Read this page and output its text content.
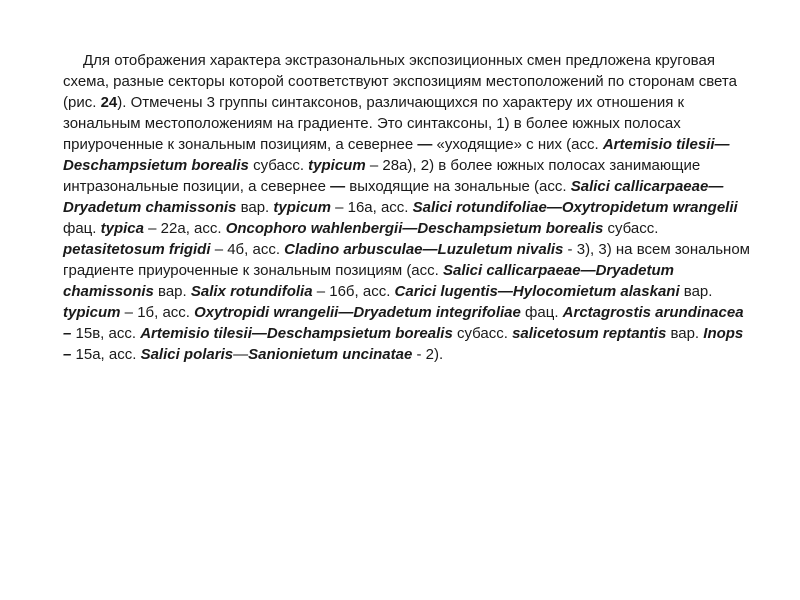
Для отображения характера экстразональных экспозиционных смен предложена круговая схема, разные секторы которой соответствуют экспозициям местоположений по сторонам света (рис. 24). Отмечены 3 группы синтаксонов, различающихся по характеру их отношения к зональным местоположениям на градиенте. Это синтаксоны, 1) в более южных полосах приуроченные к зональным позициям, а севернее — «уходящие» с них (асс. Artemisio tilesii—Deschampsietum borealis субасс. typicum – 28а), 2) в более южных полосах занимающие интразональные позиции, а севернее — выходящие на зональные (асс. Salici callicarpaeae—Dryadetum chamissonis вар. typicum – 16а, асс. Salici rotundifoliae—Oxytropidetum wrangelii фац. typica – 22а, асс. Oncophoro wahlenbergii—Deschampsietum borealis субасс. petasitetosum frigidi – 4б, асс. Cladino arbusculae—Luzuletum nivalis - 3), 3) на всем зональном градиенте приуроченные к зональным позициям (асс. Salici callicarpaeae—Dryadetum chamissonis вар. Salix rotundifolia – 16б, асс. Carici lugentis—Hylocomietum alaskani вар. typicum – 1б, асс. Oxytropidi wrangelii—Dryadetum integrifoliae фац. Arctagrostis arundinacea – 15в, асс. Artemisio tilesii—Deschampsietum borealis субасс. salicetosum reptantis вар. Inops – 15а, асс. Salici polaris—Sanionietum uncinatae - 2).
